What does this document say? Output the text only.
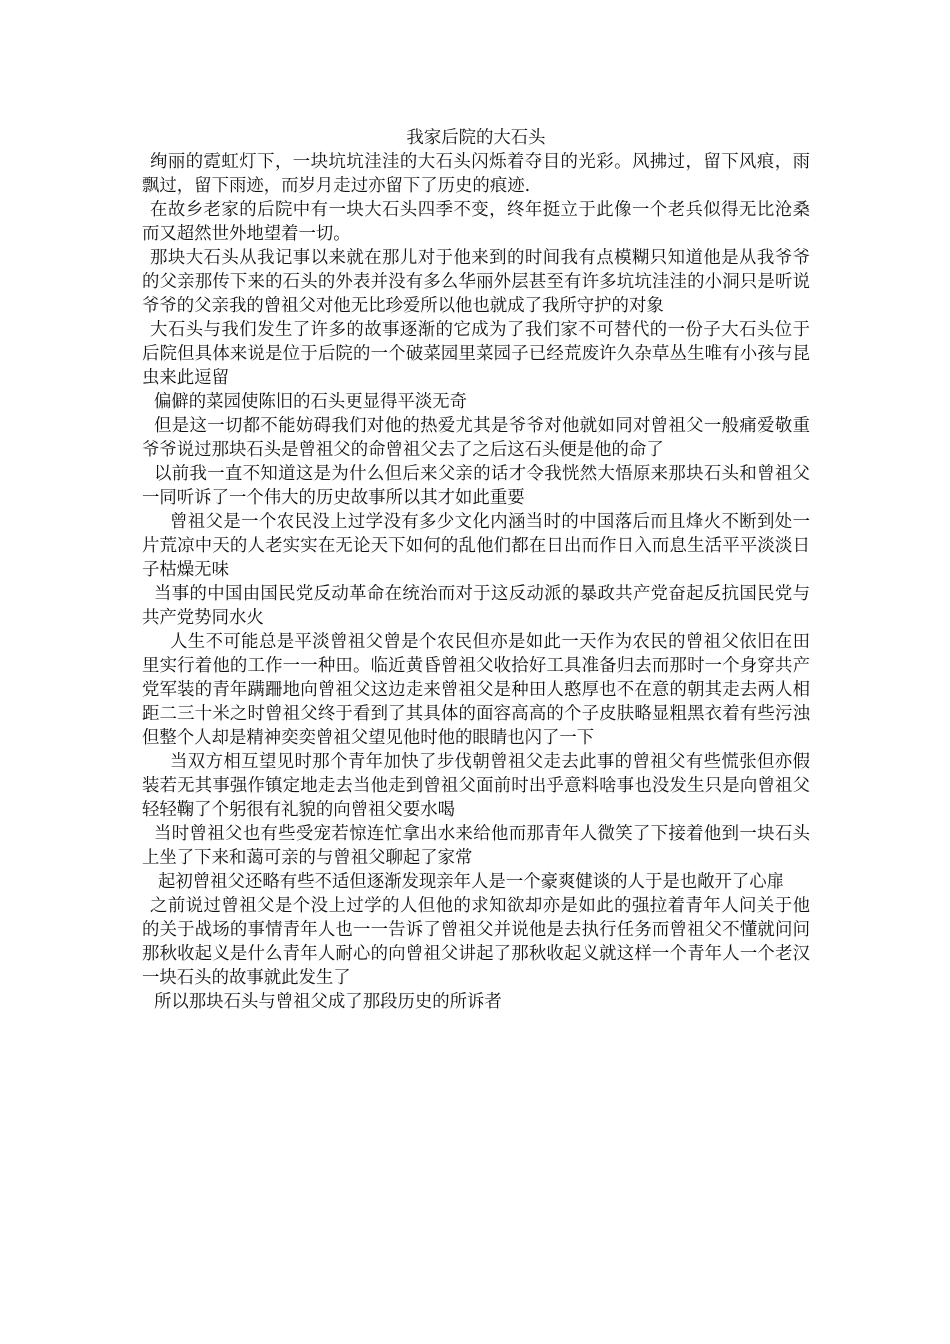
我家后院的大石头

绚丽的霓虹灯下，一块坑坑洼洼的大石头闪烁着夺目的光彩。风拂过，留下风痕，雨飘过，留下雨迹，而岁月走过亦留下了历史的痕迹.

在故乡老家的后院中有一块大石头四季不变，终年挺立于此像一个老兵似得无比沧桑而又超然世外地望着一切。

那块大石头从我记事以来就在那儿对于他来到的时间我有点模糊只知道他是从我爷爷的父亲那传下来的石头的外表并没有多么华丽外层甚至有许多坑坑洼洼的小洞只是听说爷爷的父亲我的曾祖父对他无比珍爱所以他也就成了我所守护的对象

大石头与我们发生了许多的故事逐渐的它成为了我们家不可替代的一份子大石头位于后院但具体来说是位于后院的一个破菜园里菜园子已经荒废许久杂草丛生唯有小孩与昆虫来此逗留

偏僻的菜园使陈旧的石头更显得平淡无奇

但是这一切都不能妨碍我们对他的热爱尤其是爷爷对他就如同对曾祖父一般痛爱敬重爷爷说过那块石头是曾祖父的命曾祖父去了之后这石头便是他的命了

以前我一直不知道这是为什么但后来父亲的话才令我恍然大悟原来那块石头和曾祖父一同听诉了一个伟大的历史故事所以其才如此重要

曾祖父是一个农民没上过学没有多少文化内涵当时的中国落后而且烽火不断到处一片荒凉中天的人老实实在无论天下如何的乱他们都在日出而作日入而息生活平平淡淡日子枯燥无味

当事的中国由国民党反动革命在统治而对于这反动派的暴政共产党奋起反抗国民党与共产党势同水火

人生不可能总是平淡曾祖父曾是个农民但亦是如此一天作为农民的曾祖父依旧在田里实行着他的工作一一种田。临近黄昏曾祖父收拾好工具准备归去而那时一个身穿共产党军装的青年蹒跚地向曾祖父这边走来曾祖父是种田人憨厚也不在意的朝其走去两人相距二三十米之时曾祖父终于看到了其具体的面容高高的个子皮肤略显粗黑衣着有些污浊但整个人却是精神奕奕曾祖父望见他时他的眼睛也闪了一下

当双方相互望见时那个青年加快了步伐朝曾祖父走去此事的曾祖父有些慌张但亦假装若无其事强作镇定地走去当他走到曾祖父面前时出乎意料啥事也没发生只是向曾祖父轻轻鞠了个躬很有礼貌的向曾祖父要水喝

当时曾祖父也有些受宠若惊连忙拿出水来给他而那青年人微笑了下接着他到一块石头上坐了下来和蔼可亲的与曾祖父聊起了家常

起初曾祖父还略有些不适但逐渐发现亲年人是一个豪爽健谈的人于是也敞开了心扉

之前说过曾祖父是个没上过学的人但他的求知欲却亦是如此的强拉着青年人问关于他的关于战场的事情青年人也一一告诉了曾祖父并说他是去执行任务而曾祖父不懂就问问那秋收起义是什么青年人耐心的向曾祖父讲起了那秋收起义就这样一个青年人一个老汉一块石头的故事就此发生了

所以那块石头与曾祖父成了那段历史的所诉者
